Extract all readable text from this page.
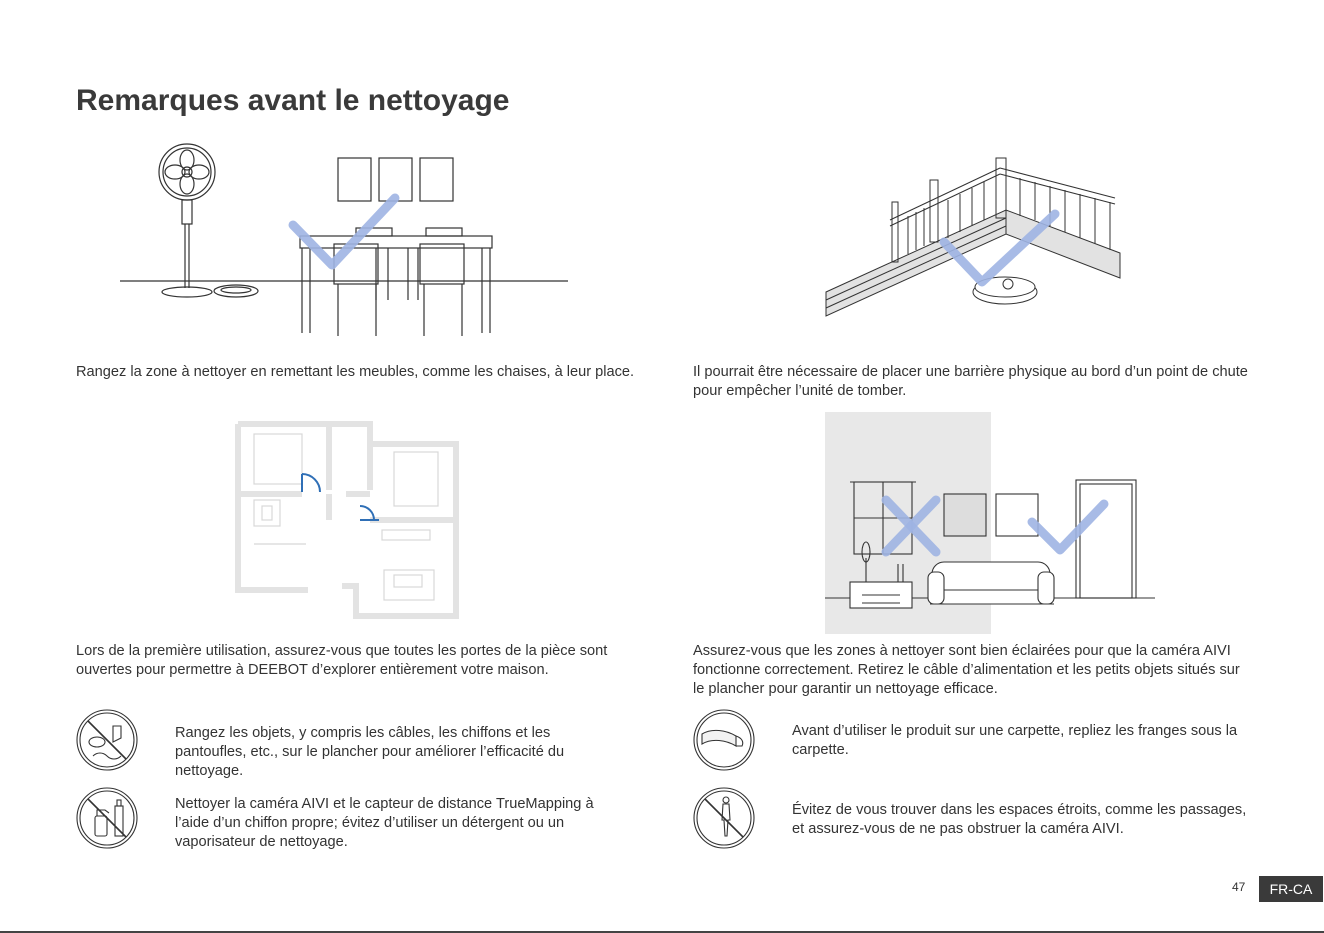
Remarques avant le nettoyage

Rangez la zone à nettoyer en remettant les meubles, comme les chaises, à leur place.	Il pourrait être nécessaire de placer une barrière physique au bord d’un point de chute pour empêcher l’unité de tomber.

Lors de la première utilisation, assurez-vous que toutes les portes de la pièce sont ouvertes pour permettre à DEEBOT d’explorer entièrement votre maison.

Assurez-vous que les zones à nettoyer sont bien éclairées pour que la caméra AIVI fonctionne correctement. Retirez le câble d’alimentation et les petits objets situés sur le plancher pour garantir un nettoyage efficace.

Rangez les objets, y compris les câbles, les chiffons et les pantoufles, etc., sur le plancher pour améliorer l’efficacité du nettoyage.

Nettoyer la caméra AIVI et le capteur de distance TrueMapping à l’aide d’un chiffon propre; évitez d’utiliser un détergent ou un vaporisateur de nettoyage.

Avant d’utiliser le produit sur une carpette, repliez les franges sous la carpette.

Évitez de vous trouver dans les espaces étroits, comme les passages, et assurez-vous de ne pas obstruer la caméra AIVI.

47	FR-CA
